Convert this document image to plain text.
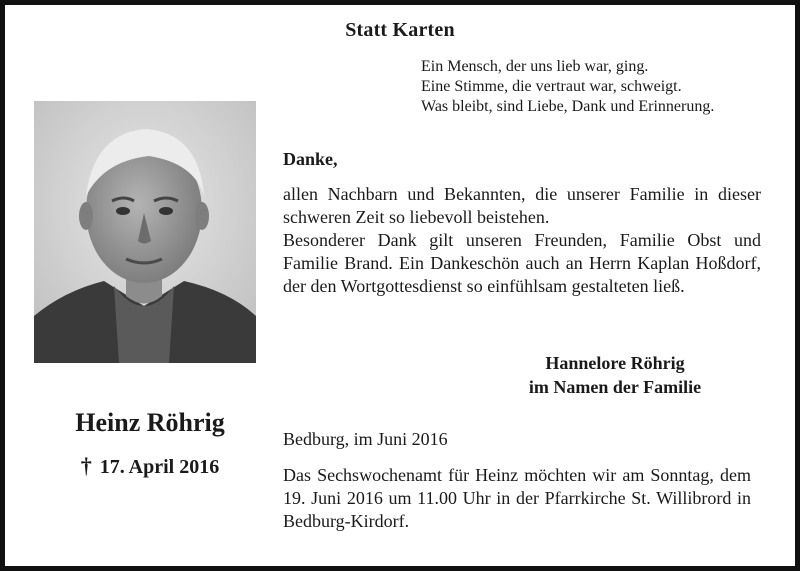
Statt Karten
Ein Mensch, der uns lieb war, ging.
Eine Stimme, die vertraut war, schweigt.
Was bleibt, sind Liebe, Dank und Erinnerung.
Danke,

allen Nachbarn und Bekannten, die unserer Familie in dieser schweren Zeit so liebevoll beistehen.

Besonderer Dank gilt unseren Freunden, Familie Obst und Familie Brand. Ein Dankeschön auch an Herrn Kaplan Hoßdorf, der den Wortgottesdienst so einfühlsam gestalteten ließ.

Hannelore Röhrig
im Namen der Familie
Heinz Röhrig
† 17. April 2016
Bedburg, im Juni 2016

Das Sechswochenamt für Heinz möchten wir am Sonntag, dem 19. Juni 2016 um 11.00 Uhr in der Pfarrkirche St. Willibrord in Bedburg-Kirdorf.
